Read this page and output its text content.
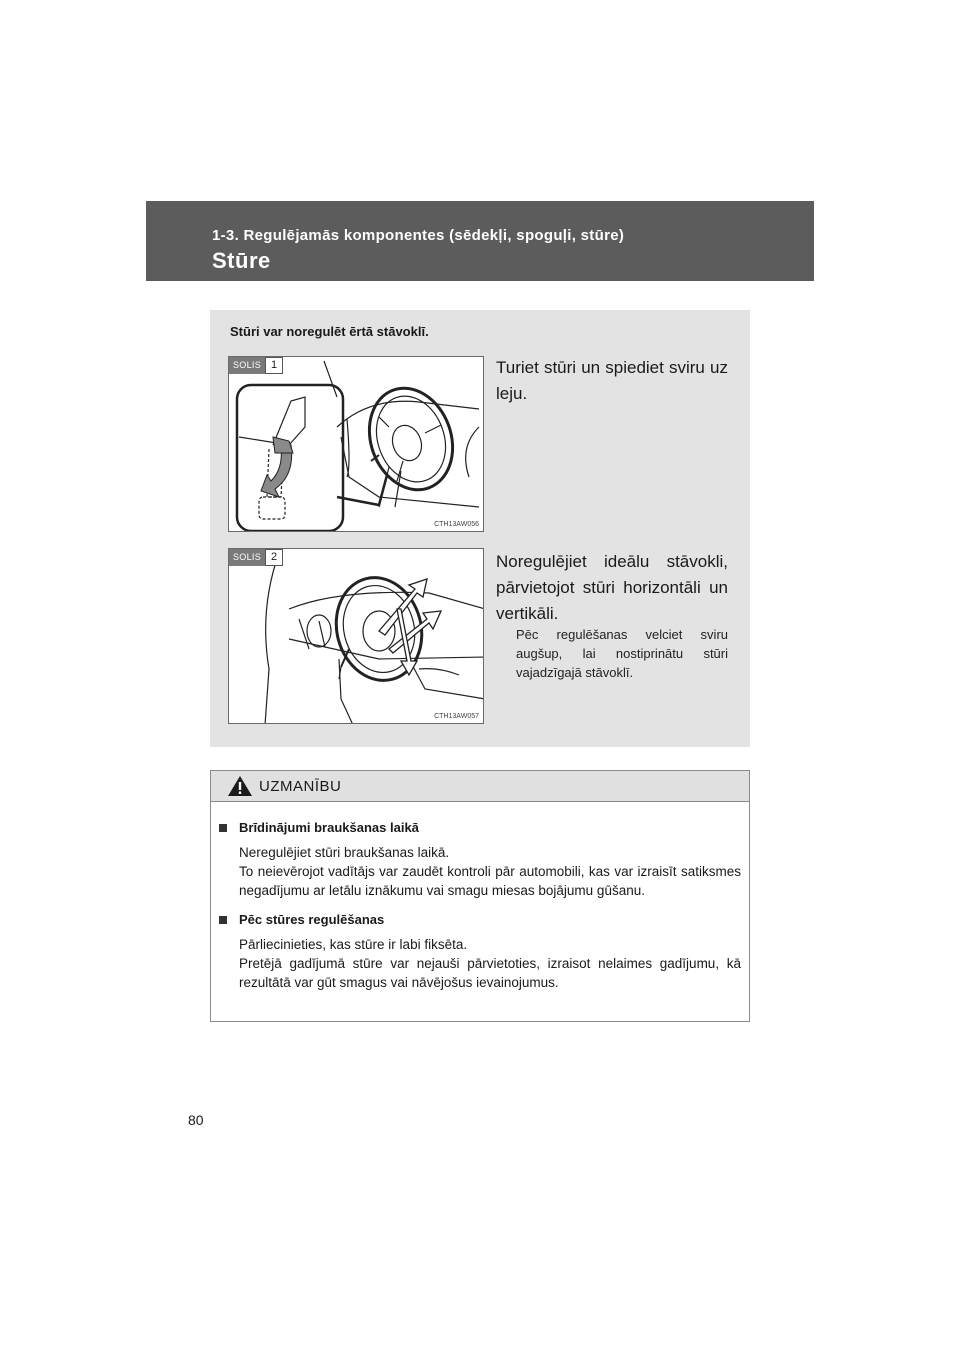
1-3. Regulējamās komponentes (sēdekļi, spoguļi, stūre)
Stūre
Stūri var noregulēt ērtā stāvoklī.
SOLIS 1
CTH13AW056
Turiet stūri un spiediet sviru uz leju.
SOLIS 2
CTH13AW057
Noregulējiet ideālu stāvokli, pārvietojot stūri horizontāli un vertikāli.
Pēc regulēšanas velciet sviru augšup, lai nostiprinātu stūri vajadzīgajā stāvoklī.
UZMANĪBU
Brīdinājumi braukšanas laikā

Neregulējiet stūri braukšanas laikā.

To neievērojot vadītājs var zaudēt kontroli pār automobili, kas var izraisīt satiksmes negadījumu ar letālu iznākumu vai smagu miesas bojājumu gūšanu.

Pēc stūres regulēšanas

Pārliecinieties, kas stūre ir labi fiksēta.

Pretējā gadījumā stūre var nejauši pārvietoties, izraisot nelaimes gadījumu, kā rezultātā var gūt smagus vai nāvējošus ievainojumus.

80
